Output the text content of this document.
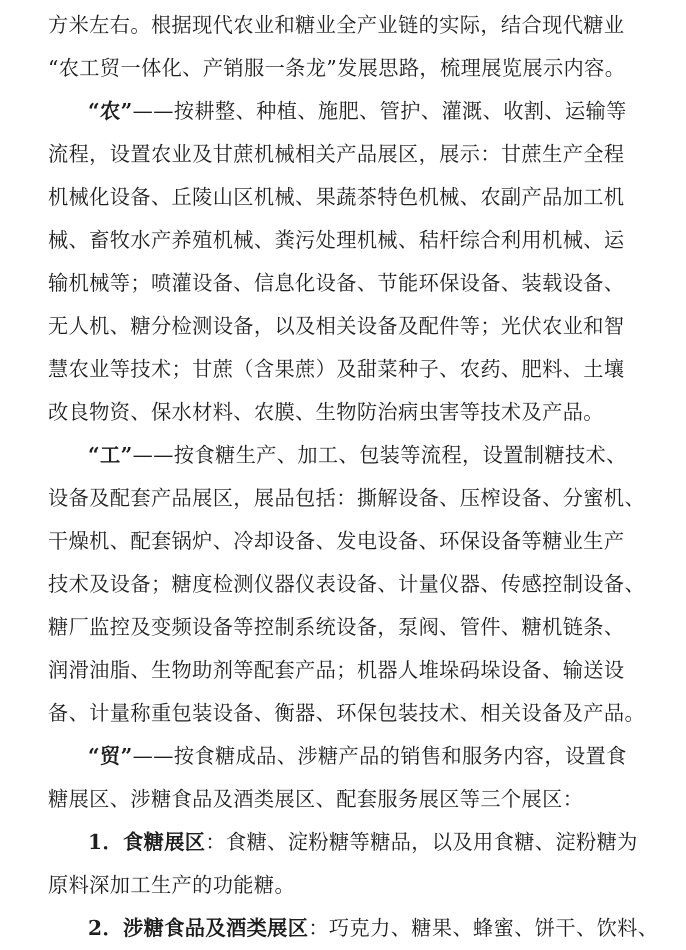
方米左右。根据现代农业和糖业全产业链的实际，结合现代糖业
“农工贸一体化、产销服一条龙”发展思路，梳理展览展示内容。
“农”——按耕整、种植、施肥、管护、灌溉、收割、运输等
流程，设置农业及甘蔗机械相关产品展区，展示：甘蔗生产全程
机械化设备、丘陵山区机械、果蔬茶特色机械、农副产品加工机
械、畜牧水产养殖机械、粪污处理机械、秸杆综合利用机械、运
输机械等；喷灌设备、信息化设备、节能环保设备、装载设备、
无人机、糖分检测设备，以及相关设备及配件等；光伏农业和智
慧农业等技术；甘蔗（含果蔗）及甜菜种子、农药、肥料、土壤
改良物资、保水材料、农膜、生物防治病虫害等技术及产品。
“工”——按食糖生产、加工、包装等流程，设置制糖技术、
设备及配套产品展区，展品包括：撕解设备、压榨设备、分蜜机、
干燥机、配套锅炉、冷却设备、发电设备、环保设备等糖业生产
技术及设备；糖度检测仪器仪表设备、计量仪器、传感控制设备、
糖厂监控及变频设备等控制系统设备，泵阀、管件、糖机链条、
润滑油脂、生物助剂等配套产品；机器人堆垛码垛设备、输送设
备、计量称重包装设备、衡器、环保包装技术、相关设备及产品。
“贸”——按食糖成品、涉糖产品的销售和服务内容，设置食
糖展区、涉糖食品及酒类展区、配套服务展区等三个展区：
1．食糖展区：食糖、淀粉糖等糖品，以及用食糖、淀粉糖为
原料深加工生产的功能糖。
2．涉糖食品及酒类展区：巧克力、糖果、蜂蜜、饼干、饮料、
